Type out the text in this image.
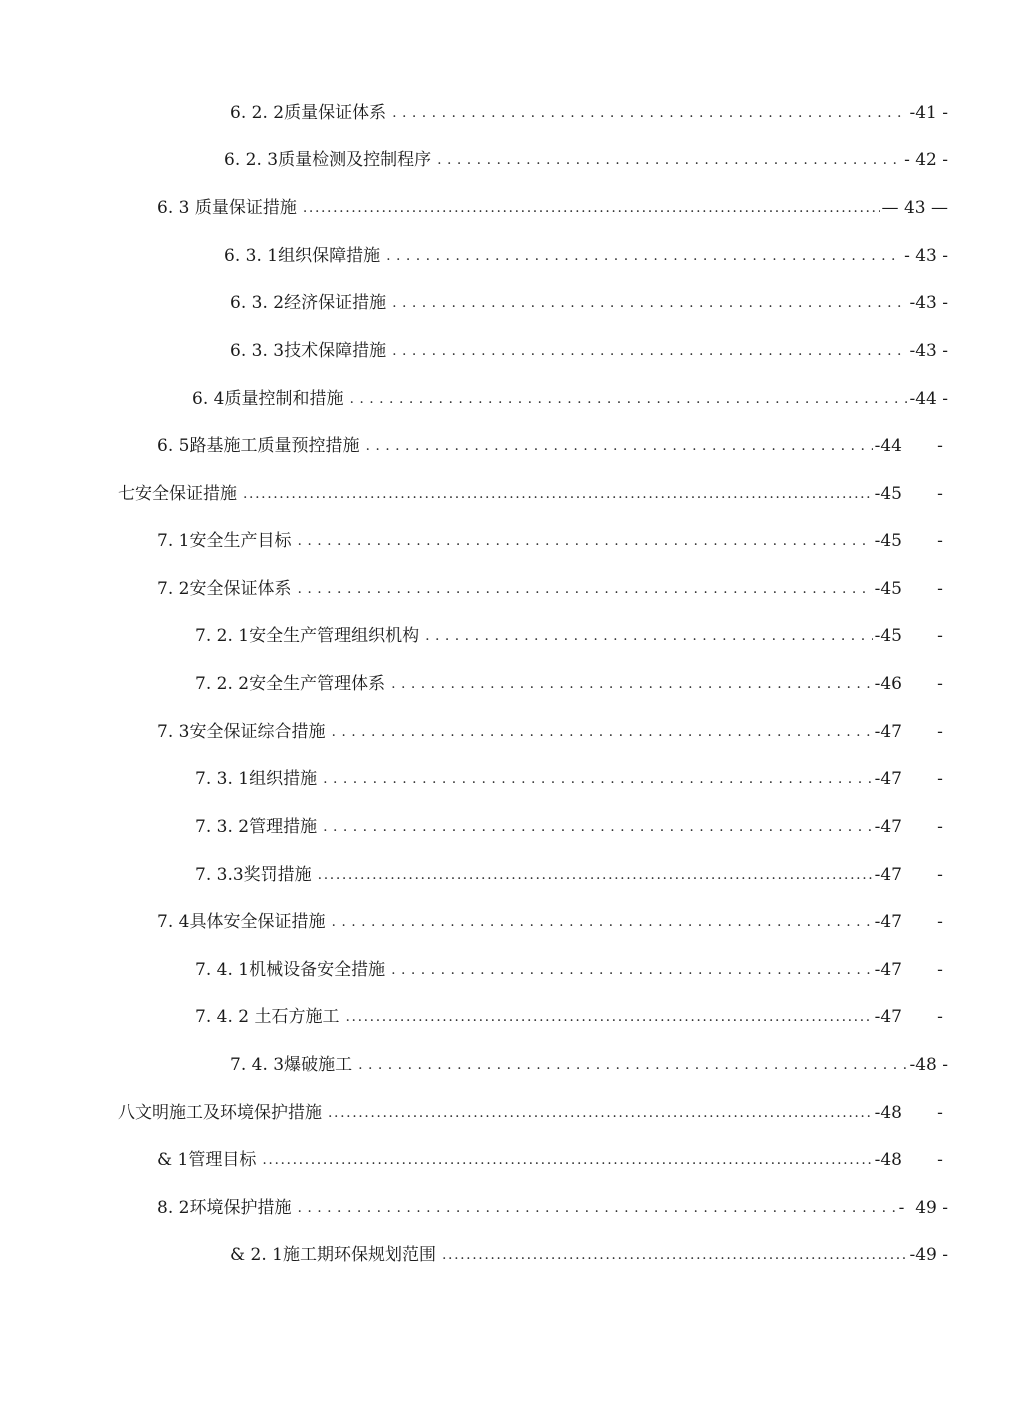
6. 2. 2质量保证体系 . . .	-41 -
6. 2. 3质量检测及控制程序 . . .	- 42 -
6. 3 质量保证措施 .....	— 43 —
6. 3. 1组织保障措施 . . .	- 43 -
6. 3. 2经济保证措施 . . .	-43 -
6. 3. 3技术保障措施 . . .	-43 -
6. 4质量控制和措施 . . .	-44 -
6. 5路基施工质量预控措施 . . .	-44 -
七安全保证措施 .....	-45 -
7. 1安全生产目标 . . .	-45 -
7. 2安全保证体系 . . .	-45 -
7. 2. 1安全生产管理组织机构 . . .	-45 -
7. 2. 2安全生产管理体系 . . .	-46 -
7. 3安全保证综合措施 . . .	-47 -
7. 3. 1组织措施 . . .	-47 -
7. 3. 2管理措施 . . .	-47 -
7. 3.3奖罚措施 .....	-47 -
7. 4具体安全保证措施 . . .	-47 -
7. 4. 1机械设备安全措施 . . .	-47 -
7. 4. 2 土石方施工 .....	-47 -
7. 4. 3爆破施工 . . .	-48 -
八文明施工及环境保护措施 .....	-48 -
& 1管理目标 .....	-48 -
8. 2环境保护措施 . . .	-  49 -
& 2. 1施工期环保规划范围 .....	-49 -
